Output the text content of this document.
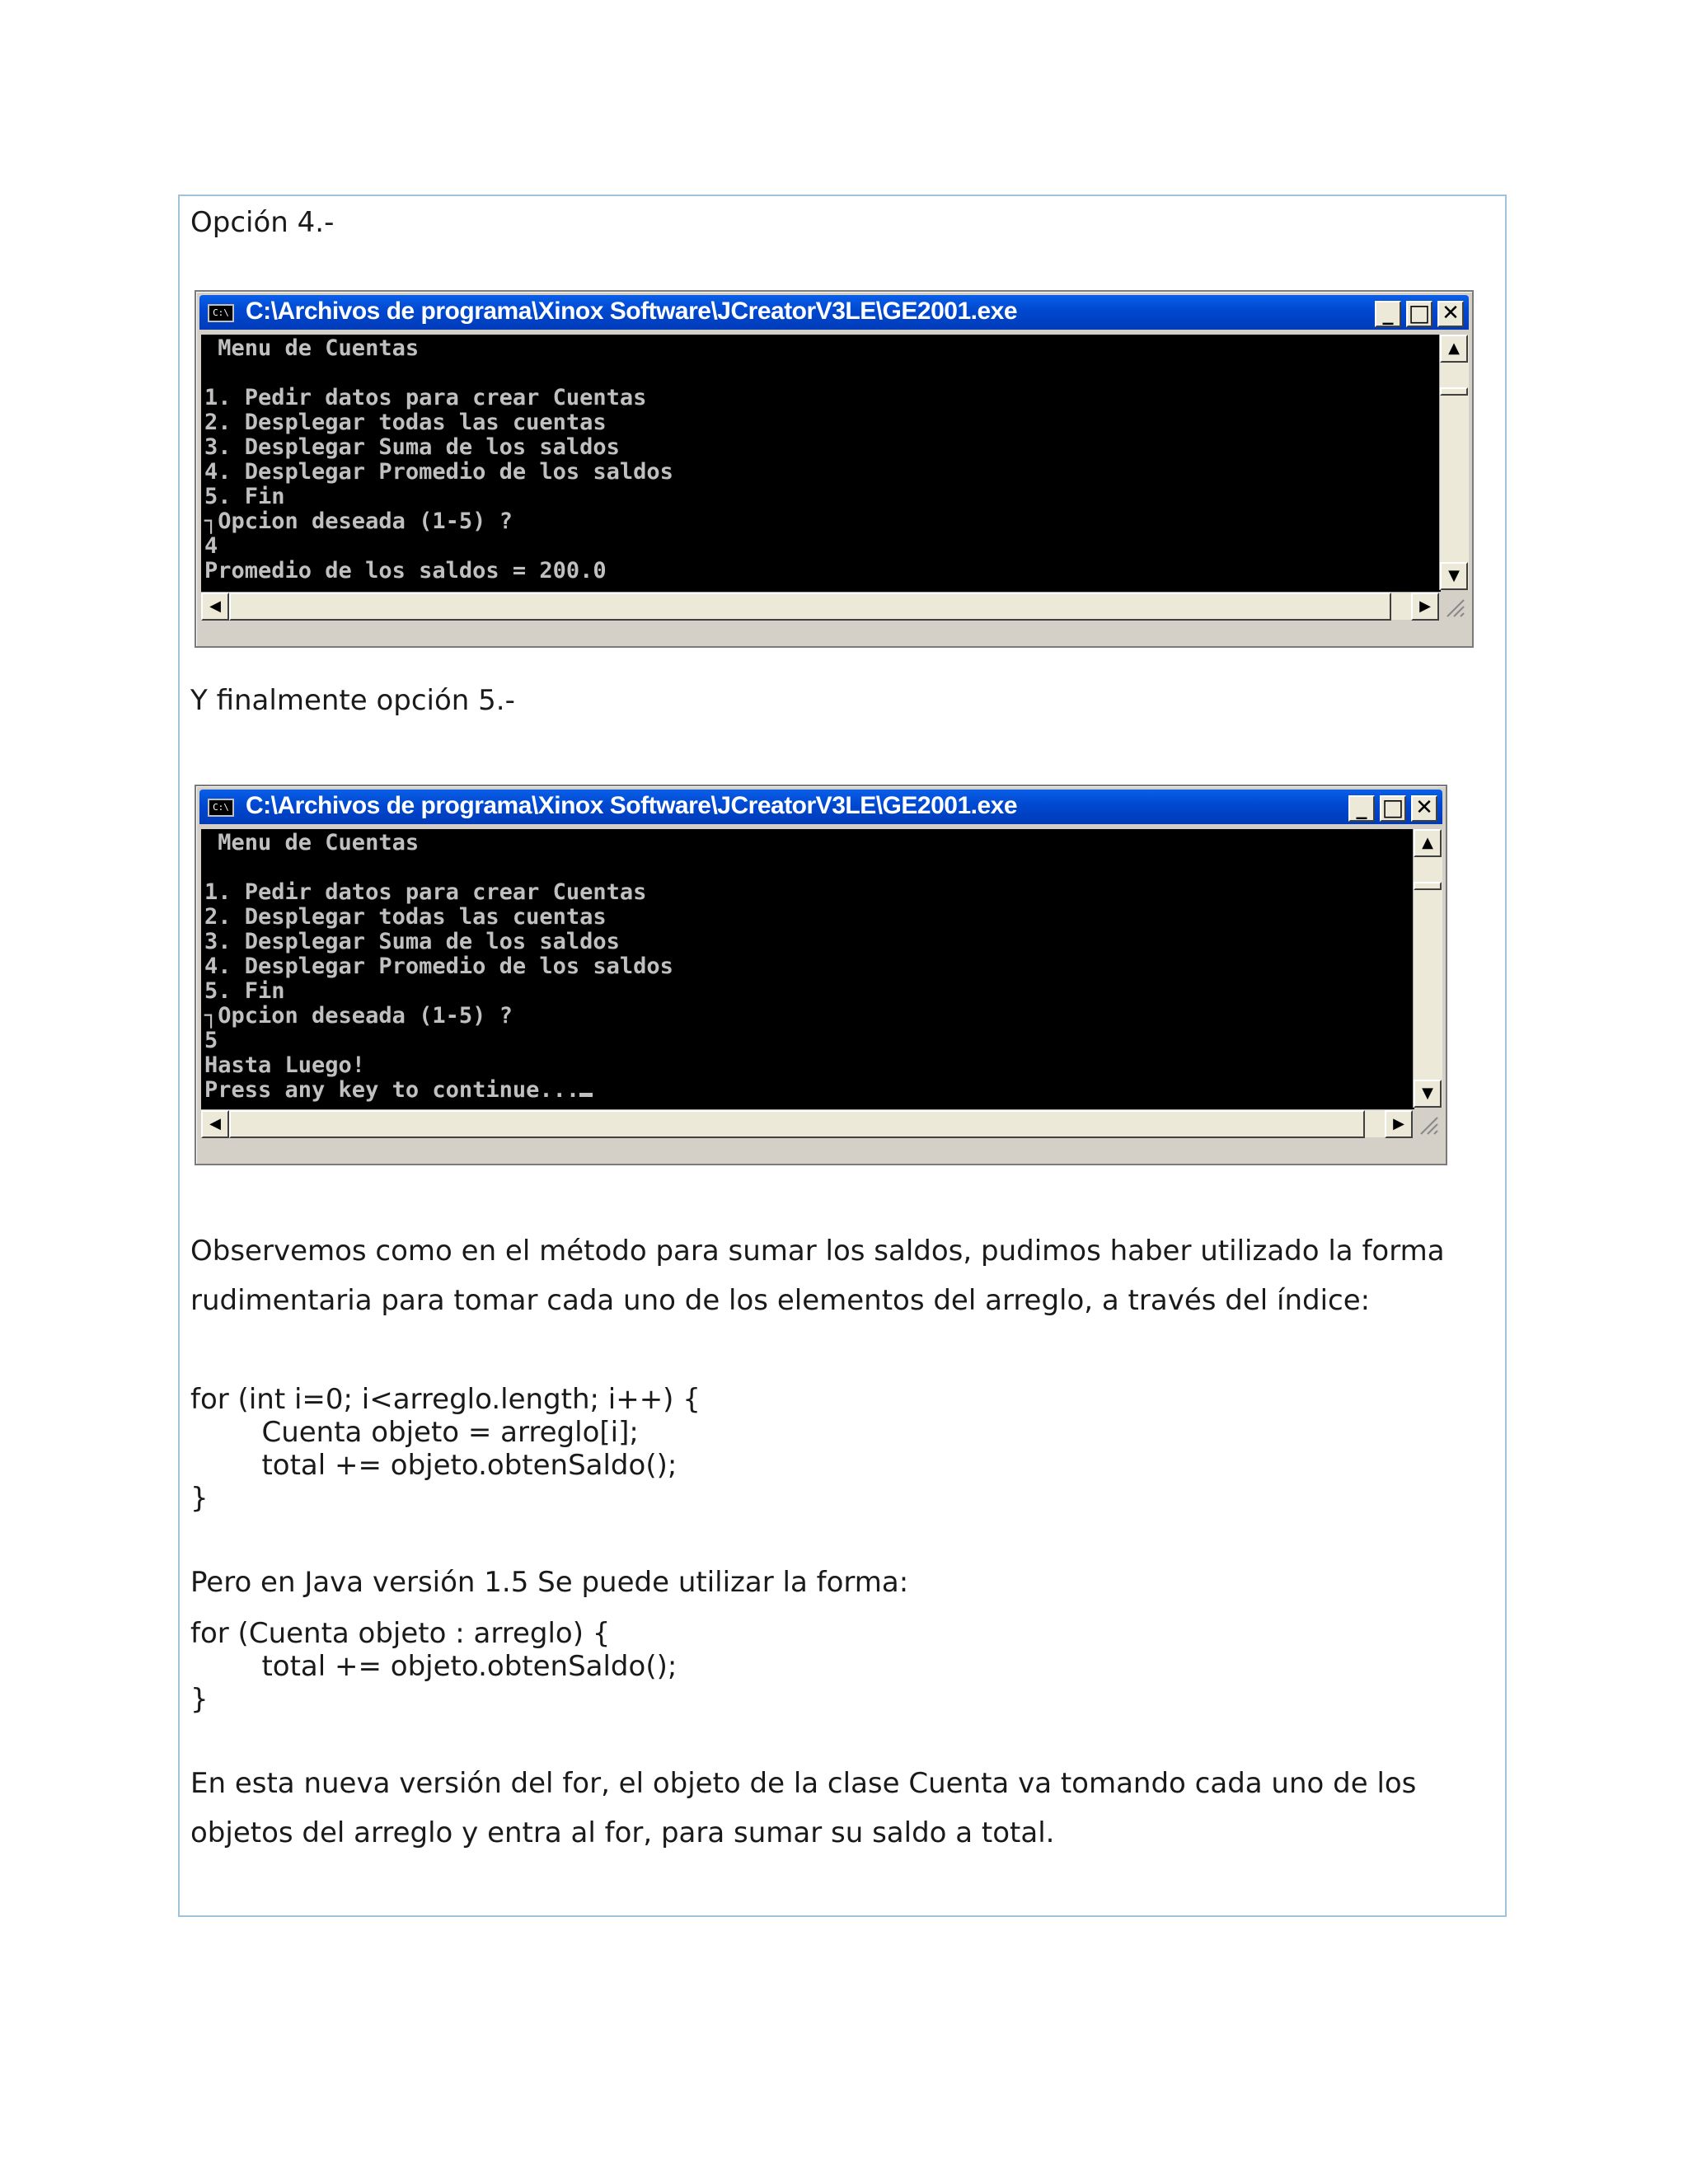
Opción 4.-
C:\ C:\Archivos de programa\Xinox Software\JCreatorV3LE\GE2001.exe	_ □ ✕
Menu de Cuentas

1. Pedir datos para crear Cuentas
2. Desplegar todas las cuentas
3. Desplegar Suma de los saldos
4. Desplegar Promedio de los saldos
5. Fin
┐Opcion deseada (1-5) ?
4
Promedio de los saldos = 200.0
▲
▼
◀	▶
Y finalmente opción 5.-
C:\ C:\Archivos de programa\Xinox Software\JCreatorV3LE\GE2001.exe	_ □ ✕
Menu de Cuentas

1. Pedir datos para crear Cuentas
2. Desplegar todas las cuentas
3. Desplegar Suma de los saldos
4. Desplegar Promedio de los saldos
5. Fin
┐Opcion deseada (1-5) ?
5
Hasta Luego!
Press any key to continue...
▲
▼
◀	▶
Observemos como en el método para sumar los saldos, pudimos haber utilizado la forma
rudimentaria para tomar cada uno de los elementos del arreglo, a través del índice:
for (int i=0; i<arreglo.length; i++) {
Cuenta objeto = arreglo[i];
total += objeto.obtenSaldo();
}
Pero en Java versión 1.5 Se puede utilizar la forma:
for (Cuenta objeto : arreglo) {
total += objeto.obtenSaldo();
}
En esta nueva versión del for, el objeto de la clase Cuenta va tomando cada uno de los
objetos del arreglo y entra al for, para sumar su saldo a total.
